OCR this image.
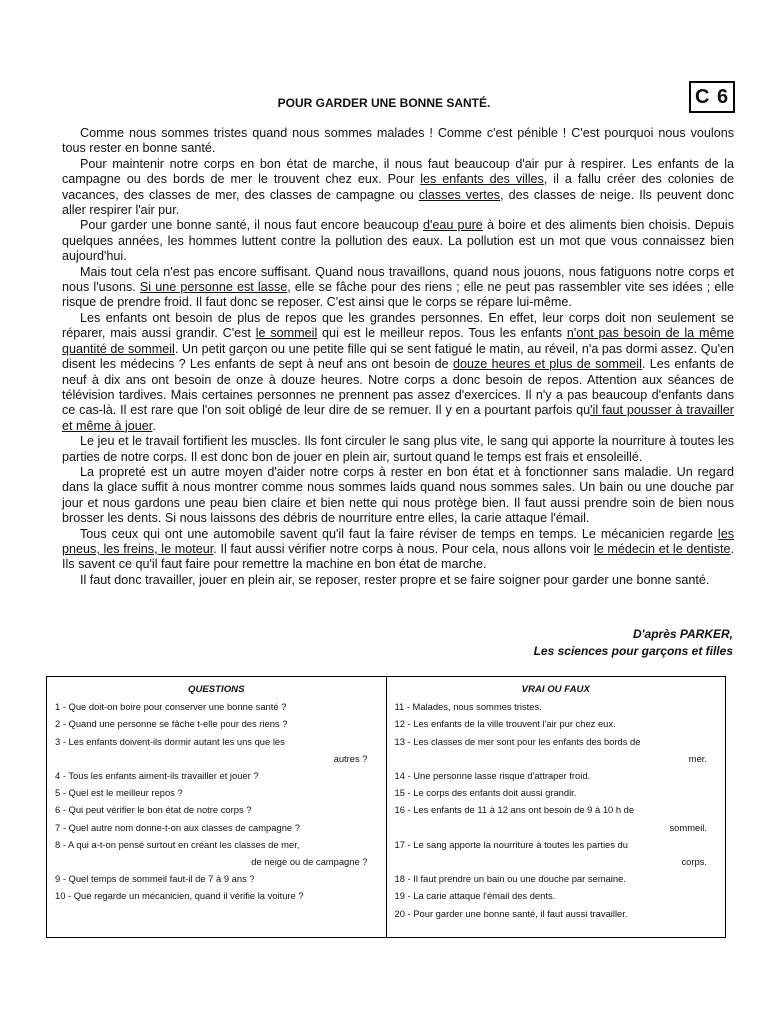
C 6
POUR GARDER UNE BONNE SANTÉ.

Comme nous sommes tristes quand nous sommes malades ! Comme c'est pénible ! C'est pourquoi nous voulons tous rester en bonne santé.

Pour maintenir notre corps en bon état de marche, il nous faut beaucoup d'air pur à respirer. Les enfants de la campagne ou des bords de mer le trouvent chez eux. Pour les enfants des villes, il a fallu créer des colonies de vacances, des classes de mer, des classes de campagne ou classes vertes, des classes de neige. Ils peuvent donc aller respirer l'air pur.

Pour garder une bonne santé, il nous faut encore beaucoup d'eau pure à boire et des aliments bien choisis. Depuis quelques années, les hommes luttent contre la pollution des eaux. La pollution est un mot que vous connaissez bien aujourd'hui.

Mais tout cela n'est pas encore suffisant. Quand nous travaillons, quand nous jouons, nous fatiguons notre corps et nous l'usons. Si une personne est lasse, elle se fâche pour des riens ; elle ne peut pas rassembler vite ses idées ; elle risque de prendre froid. Il faut donc se reposer. C'est ainsi que le corps se répare lui-même.

Les enfants ont besoin de plus de repos que les grandes personnes. En effet, leur corps doit non seulement se réparer, mais aussi grandir. C'est le sommeil qui est le meilleur repos. Tous les enfants n'ont pas besoin de la même quantité de sommeil. Un petit garçon ou une petite fille qui se sent fatigué le matin, au réveil, n'a pas dormi assez. Qu'en disent les médecins ? Les enfants de sept à neuf ans ont besoin de douze heures et plus de sommeil. Les enfants de neuf à dix ans ont besoin de onze à douze heures. Notre corps a donc besoin de repos. Attention aux séances de télévision tardives. Mais certaines personnes ne prennent pas assez d'exercices. Il n'y a pas beaucoup d'enfants dans ce cas-là. Il est rare que l'on soit obligé de leur dire de se remuer. Il y en a pourtant parfois qu'il faut pousser à travailler et même à jouer.

Le jeu et le travail fortifient les muscles. Ils font circuler le sang plus vite, le sang qui apporte la nourriture à toutes les parties de notre corps. Il est donc bon de jouer en plein air, surtout quand le temps est frais et ensoleillé.

La propreté est un autre moyen d'aider notre corps à rester en bon état et à fonctionner sans maladie. Un regard dans la glace suffit à nous montrer comme nous sommes laids quand nous sommes sales. Un bain ou une douche par jour et nous gardons une peau bien claire et bien nette qui nous protège bien. Il faut aussi prendre soin de bien nous brosser les dents. Si nous laissons des débris de nourriture entre elles, la carie attaque l'émail.

Tous ceux qui ont une automobile savent qu'il faut la faire réviser de temps en temps. Le mécanicien regarde les pneus, les freins, le moteur. Il faut aussi vérifier notre corps à nous. Pour cela, nous allons voir le médecin et le dentiste. Ils savent ce qu'il faut faire pour remettre la machine en bon état de marche.

Il faut donc travailler, jouer en plein air, se reposer, rester propre et se faire soigner pour garder une bonne santé.

D'après PARKER,
Les sciences pour garçons et filles
QUESTIONS
1 - Que doit-on boire pour conserver une bonne santé ?
2 - Quand une personne se fâche t-elle pour des riens ?
3 - Les enfants doivent-ils dormir autant les uns que les
autres ?
4 - Tous les enfants aiment-ils travailler et jouer ?
5 - Quel est le meilleur repos ?
6 - Qui peut vérifier le bon état de notre corps ?
7 - Quel autre nom donne-t-on aux classes de campagne ?
8 - A qui a-t-on pensé surtout en créant les classes de mer,
de neige ou de campagne ?
9 - Quel temps de sommeil faut-il de 7 à 9 ans ?
10 - Que regarde un mécanicien, quand il vérifie la voiture ?
VRAI OU FAUX
11 - Malades, nous sommes tristes.
12 - Les enfants de la ville trouvent l'air pur chez eux.
13 - Les classes de mer sont pour les enfants des bords de
mer.
14 - Une personne lasse risque d'attraper froid.
15 - Le corps des enfants doit aussi grandir.
16 - Les enfants de 11 à 12 ans ont besoin de 9 à 10 h de
sommeil.
17 - Le sang apporte la nourriture à toutes les parties du
corps.
18 - Il faut prendre un bain ou une douche par semaine.
19 - La carie attaque l'émail des dents.
20 - Pour garder une bonne santé, il faut aussi travailler.
